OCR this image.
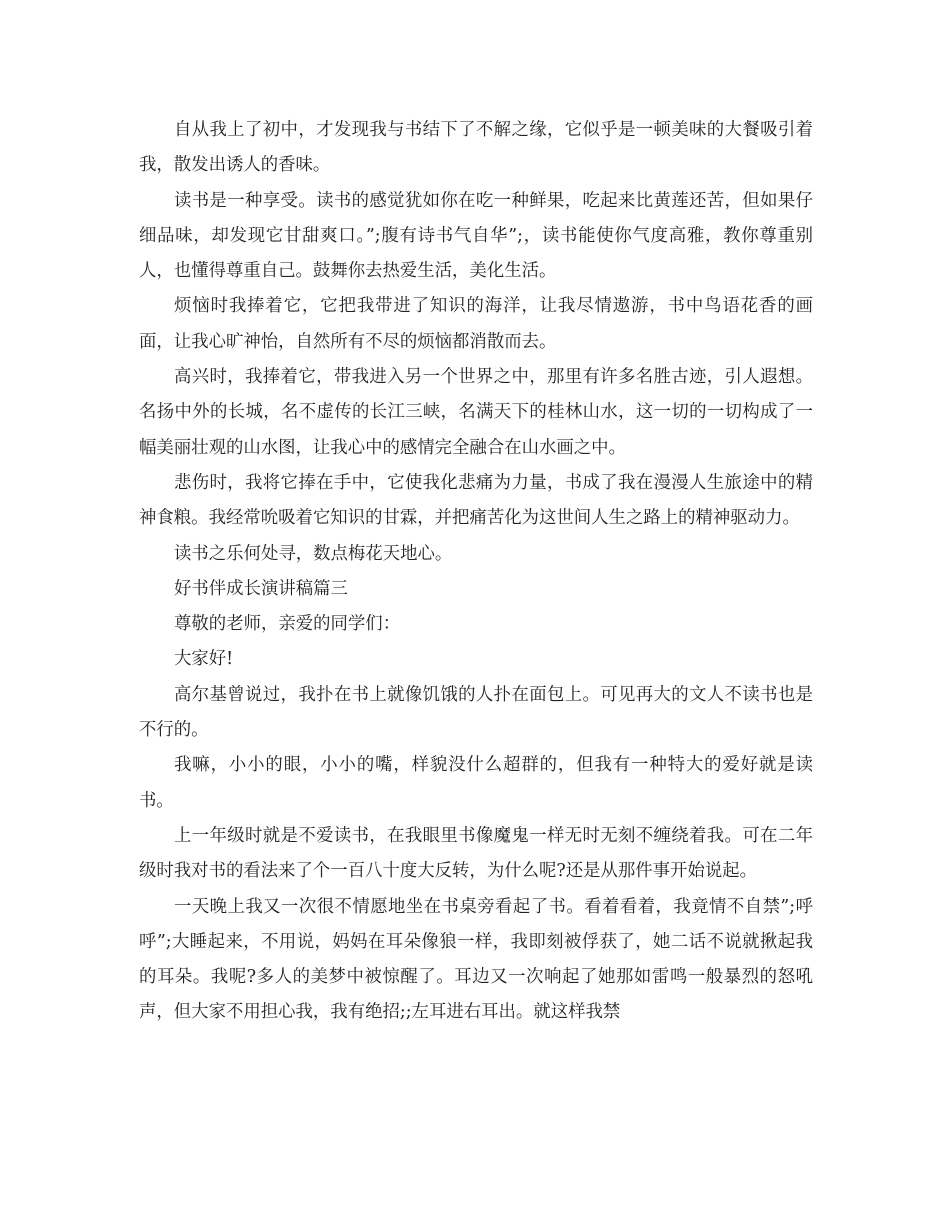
自从我上了初中，才发现我与书结下了不解之缘，它似乎是一顿美味的大餐吸引着我，散发出诱人的香味。

读书是一种享受。读书的感觉犹如你在吃一种鲜果，吃起来比黄莲还苦，但如果仔细品味，却发现它甘甜爽口。”;腹有诗书气自华”;，读书能使你气度高雅，教你尊重别人，也懂得尊重自己。鼓舞你去热爱生活，美化生活。

烦恼时我捧着它，它把我带进了知识的海洋，让我尽情遨游，书中鸟语花香的画面，让我心旷神怡，自然所有不尽的烦恼都消散而去。

高兴时，我捧着它，带我进入另一个世界之中，那里有许多名胜古迹，引人遐想。名扬中外的长城，名不虚传的长江三峡，名满天下的桂林山水，这一切的一切构成了一幅美丽壮观的山水图，让我心中的感情完全融合在山水画之中。

悲伤时，我将它捧在手中，它使我化悲痛为力量，书成了我在漫漫人生旅途中的精神食粮。我经常吮吸着它知识的甘霖，并把痛苦化为这世间人生之路上的精神驱动力。

读书之乐何处寻，数点梅花天地心。

好书伴成长演讲稿篇三

尊敬的老师，亲爱的同学们：

大家好!

高尔基曾说过，我扑在书上就像饥饿的人扑在面包上。可见再大的文人不读书也是不行的。

我嘛，小小的眼，小小的嘴，样貌没什么超群的，但我有一种特大的爱好就是读书。

上一年级时就是不爱读书，在我眼里书像魔鬼一样无时无刻不缠绕着我。可在二年级时我对书的看法来了个一百八十度大反转，为什么呢?还是从那件事开始说起。

一天晚上我又一次很不情愿地坐在书桌旁看起了书。看着看着，我竟情不自禁”;呼呼”;大睡起来，不用说，妈妈在耳朵像狼一样，我即刻被俘获了，她二话不说就揪起我的耳朵。我呢?多人的美梦中被惊醒了。耳边又一次响起了她那如雷鸣一般暴烈的怒吼声，但大家不用担心我，我有绝招;;左耳进右耳出。就这样我禁
